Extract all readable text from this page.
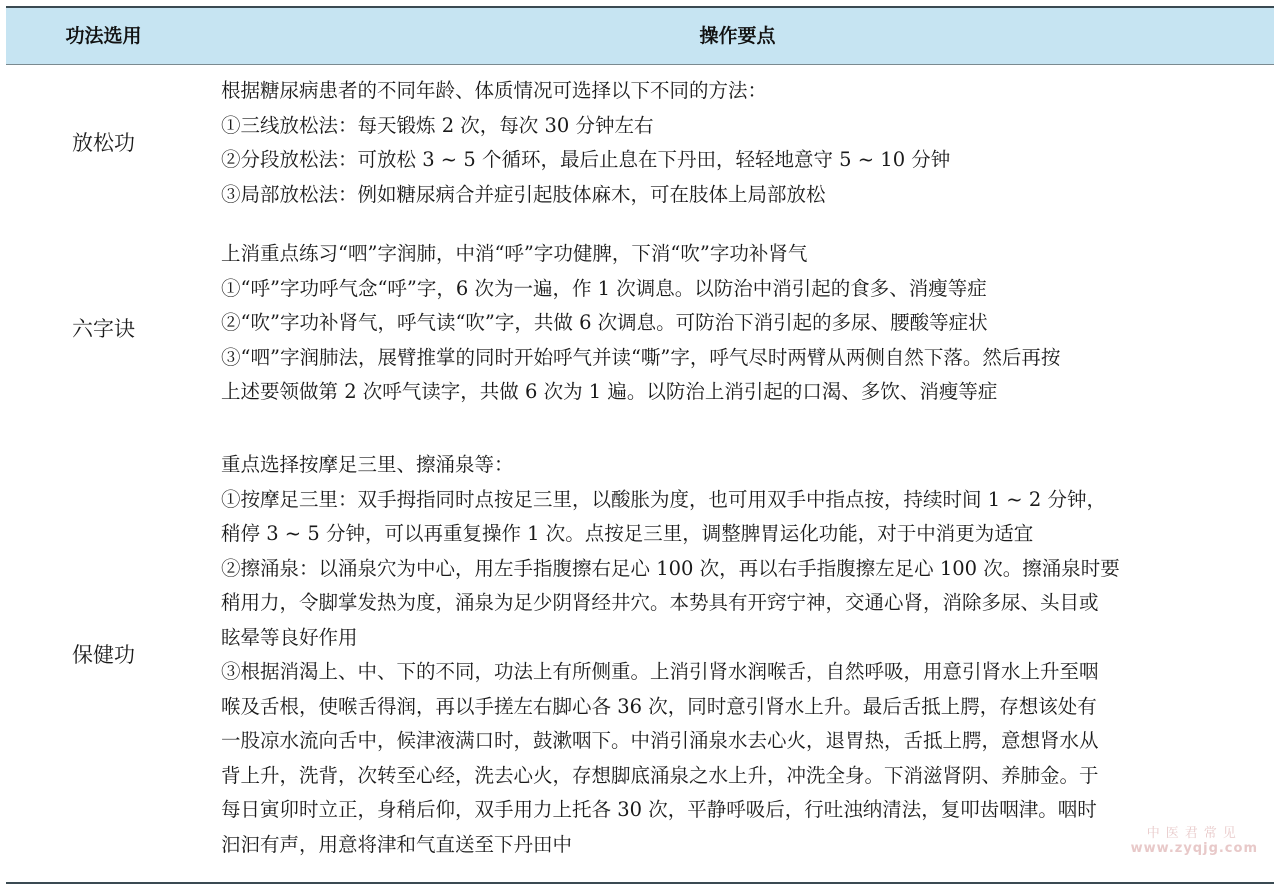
功法选用	操作要点
放松功

根据糖尿病患者的不同年龄、体质情况可选择以下不同的方法：

①三线放松法：每天锻炼 2 次，每次 30 分钟左右

②分段放松法：可放松 3 ~ 5 个循环，最后止息在下丹田，轻轻地意守 5 ~ 10 分钟

③局部放松法：例如糖尿病合并症引起肢体麻木，可在肢体上局部放松

六字诀

上消重点练习“呬”字润肺，中消“呼”字功健脾，下消“吹”字功补肾气

①“呼”字功呼气念“呼”字，6 次为一遍，作 1 次调息。以防治中消引起的食多、消瘦等症

②“吹”字功补肾气，呼气读“吹”字，共做 6 次调息。可防治下消引起的多尿、腰酸等症状

③“呬”字润肺法，展臂推掌的同时开始呼气并读“嘶”字，呼气尽时两臂从两侧自然下落。然后再按

上述要领做第 2 次呼气读字，共做 6 次为 1 遍。以防治上消引起的口渴、多饮、消瘦等症

保健功

重点选择按摩足三里、擦涌泉等：

①按摩足三里：双手拇指同时点按足三里，以酸胀为度，也可用双手中指点按，持续时间 1 ~ 2 分钟，

稍停 3 ~ 5 分钟，可以再重复操作 1 次。点按足三里，调整脾胃运化功能，对于中消更为适宜

②擦涌泉：以涌泉穴为中心，用左手指腹擦右足心 100 次，再以右手指腹擦左足心 100 次。擦涌泉时要

稍用力，令脚掌发热为度，涌泉为足少阴肾经井穴。本势具有开窍宁神，交通心肾，消除多尿、头目或

眩晕等良好作用

③根据消渴上、中、下的不同，功法上有所侧重。上消引肾水润喉舌，自然呼吸，用意引肾水上升至咽

喉及舌根，使喉舌得润，再以手搓左右脚心各 36 次，同时意引肾水上升。最后舌抵上腭，存想该处有

一股凉水流向舌中，候津液满口时，鼓漱咽下。中消引涌泉水去心火，退胃热，舌抵上腭，意想肾水从

背上升，洗背，次转至心经，洗去心火，存想脚底涌泉之水上升，冲洗全身。下消滋肾阴、养肺金。于

每日寅卯时立正，身稍后仰，双手用力上托各 30 次，平静呼吸后，行吐浊纳清法，复叩齿咽津。咽时

汩汩有声，用意将津和气直送至下丹田中	中医君常见
www.zyqjg.com
